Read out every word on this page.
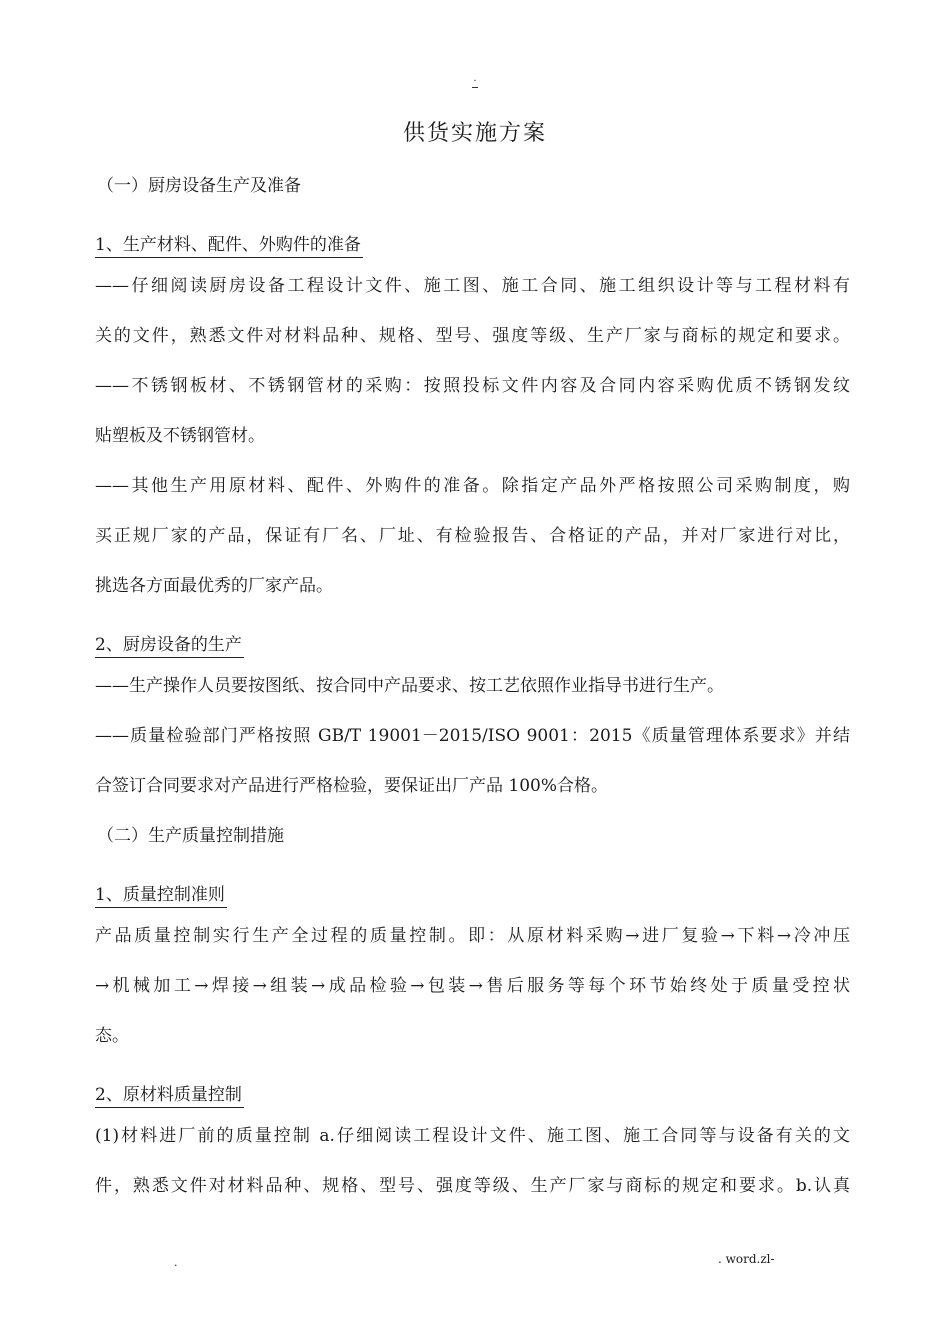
.
供货实施方案
（一）厨房设备生产及准备
1、生产材料、配件、外购件的准备
——仔细阅读厨房设备工程设计文件、施工图、施工合同、施工组织设计等与工程材料有
关的文件，熟悉文件对材料品种、规格、型号、强度等级、生产厂家与商标的规定和要求。
——不锈钢板材、不锈钢管材的采购：按照投标文件内容及合同内容采购优质不锈钢发纹
贴塑板及不锈钢管材。
——其他生产用原材料、配件、外购件的准备。除指定产品外严格按照公司采购制度，购
买正规厂家的产品，保证有厂名、厂址、有检验报告、合格证的产品，并对厂家进行对比，
挑选各方面最优秀的厂家产品。
2、厨房设备的生产
——生产操作人员要按图纸、按合同中产品要求、按工艺依照作业指导书进行生产。
——质量检验部门严格按照 GB/T 19001－2015/ISO 9001：2015《质量管理体系要求》并结
合签订合同要求对产品进行严格检验，要保证出厂产品 100%合格。
（二）生产质量控制措施
1、质量控制准则
产品质量控制实行生产全过程的质量控制。即：从原材料采购→进厂复验→下料→冷冲压
→机械加工→焊接→组装→成品检验→包装→售后服务等每个环节始终处于质量受控状
态。
2、原材料质量控制
(1)材料进厂前的质量控制 a.仔细阅读工程设计文件、施工图、施工合同等与设备有关的文
件，熟悉文件对材料品种、规格、型号、强度等级、生产厂家与商标的规定和要求。b.认真
.	. word.zl-
